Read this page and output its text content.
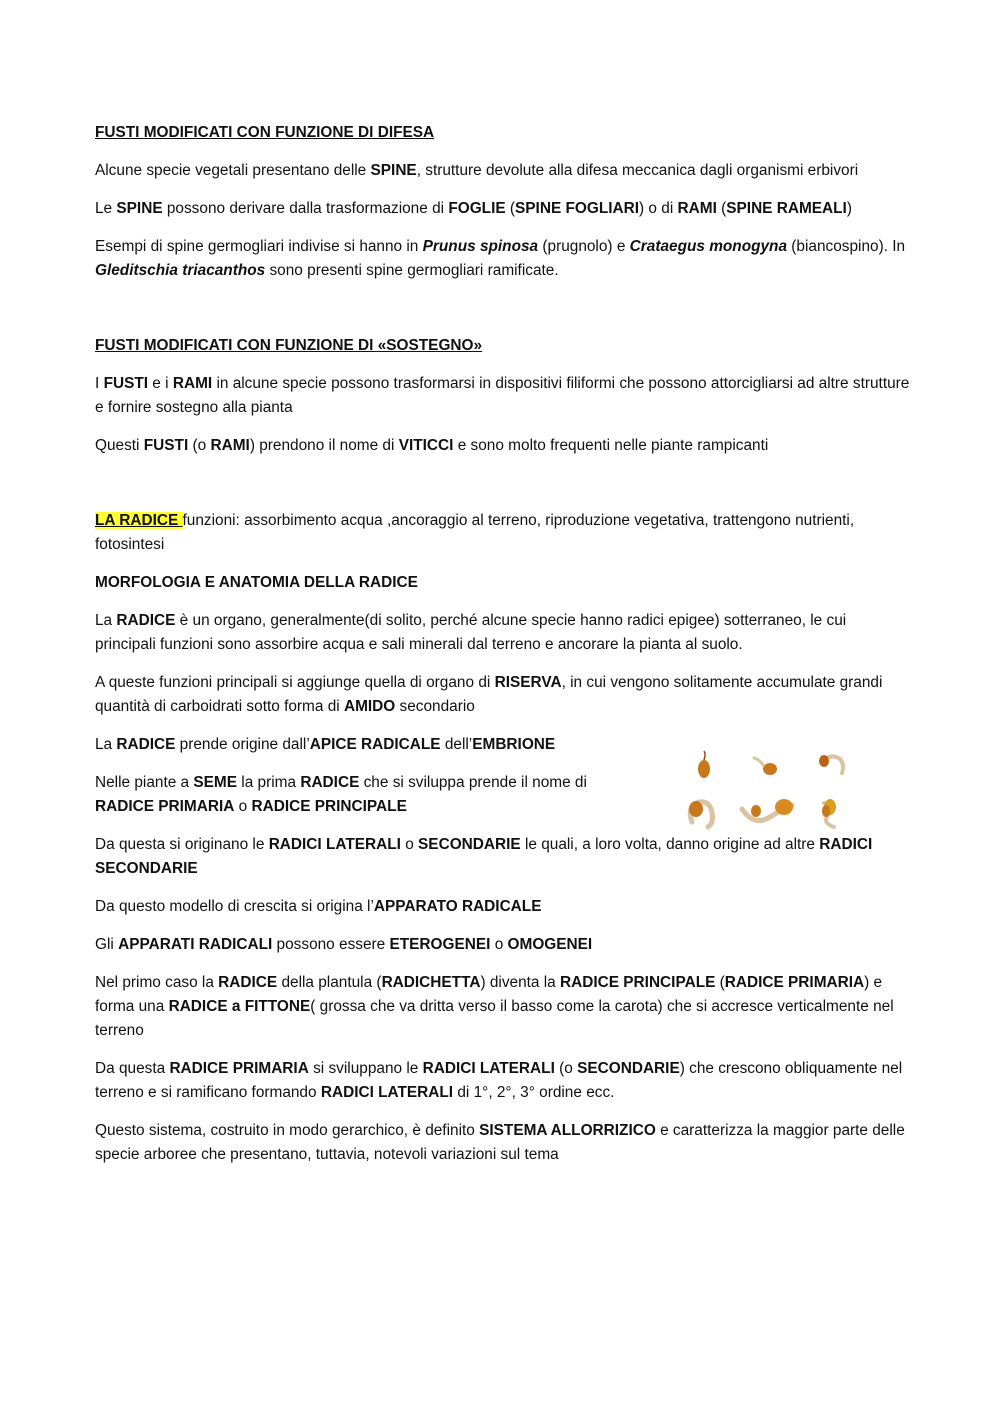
FUSTI MODIFICATI CON FUNZIONE DI DIFESA

Alcune specie vegetali presentano delle SPINE, strutture devolute alla difesa meccanica dagli organismi erbivori

Le SPINE possono derivare dalla trasformazione di FOGLIE (SPINE FOGLIARI) o di RAMI (SPINE RAMEALI)

Esempi di spine germogliari indivise si hanno in Prunus spinosa (prugnolo) e Crataegus monogyna (biancospino). In Gleditschia triacanthos sono presenti spine germogliari ramificate.

FUSTI MODIFICATI CON FUNZIONE DI «SOSTEGNO»

I FUSTI e i RAMI in alcune specie possono trasformarsi in dispositivi filiformi che possono attorcigliarsi ad altre strutture e fornire sostegno alla pianta

Questi FUSTI (o RAMI) prendono il nome di VITICCI e sono molto frequenti nelle piante rampicanti

LA RADICE funzioni: assorbimento acqua ,ancoraggio al terreno, riproduzione vegetativa, trattengono nutrienti, fotosintesi

MORFOLOGIA E ANATOMIA DELLA RADICE

La RADICE è un organo, generalmente(di solito, perché alcune specie hanno radici epigee) sotterraneo, le cui principali funzioni sono assorbire acqua e sali minerali dal terreno e ancorare la pianta al suolo.

A queste funzioni principali si aggiunge quella di organo di RISERVA, in cui vengono solitamente accumulate grandi quantità di carboidrati sotto forma di AMIDO secondario

La RADICE prende origine dall’APICE RADICALE dell’EMBRIONE

Nelle piante a SEME la prima RADICE che si sviluppa prende il nome di RADICE PRIMARIA o RADICE PRINCIPALE

Da questa si originano le RADICI LATERALI o SECONDARIE le quali, a loro volta, danno origine ad altre RADICI SECONDARIE

Da questo modello di crescita si origina l’APPARATO RADICALE

Gli APPARATI RADICALI possono essere ETEROGENEI o OMOGENEI

Nel primo caso la RADICE della plantula (RADICHETTA) diventa la RADICE PRINCIPALE (RADICE PRIMARIA) e forma una RADICE a FITTONE( grossa che va dritta verso il basso come la carota) che si accresce verticalmente nel terreno

Da questa RADICE PRIMARIA si sviluppano le RADICI LATERALI (o SECONDARIE) che crescono obliquamente nel terreno e si ramificano formando RADICI LATERALI di 1°, 2°, 3° ordine ecc.

Questo sistema, costruito in modo gerarchico, è definito SISTEMA ALLORRIZICO e caratterizza la maggior parte delle specie arboree che presentano, tuttavia, notevoli variazioni sul tema
